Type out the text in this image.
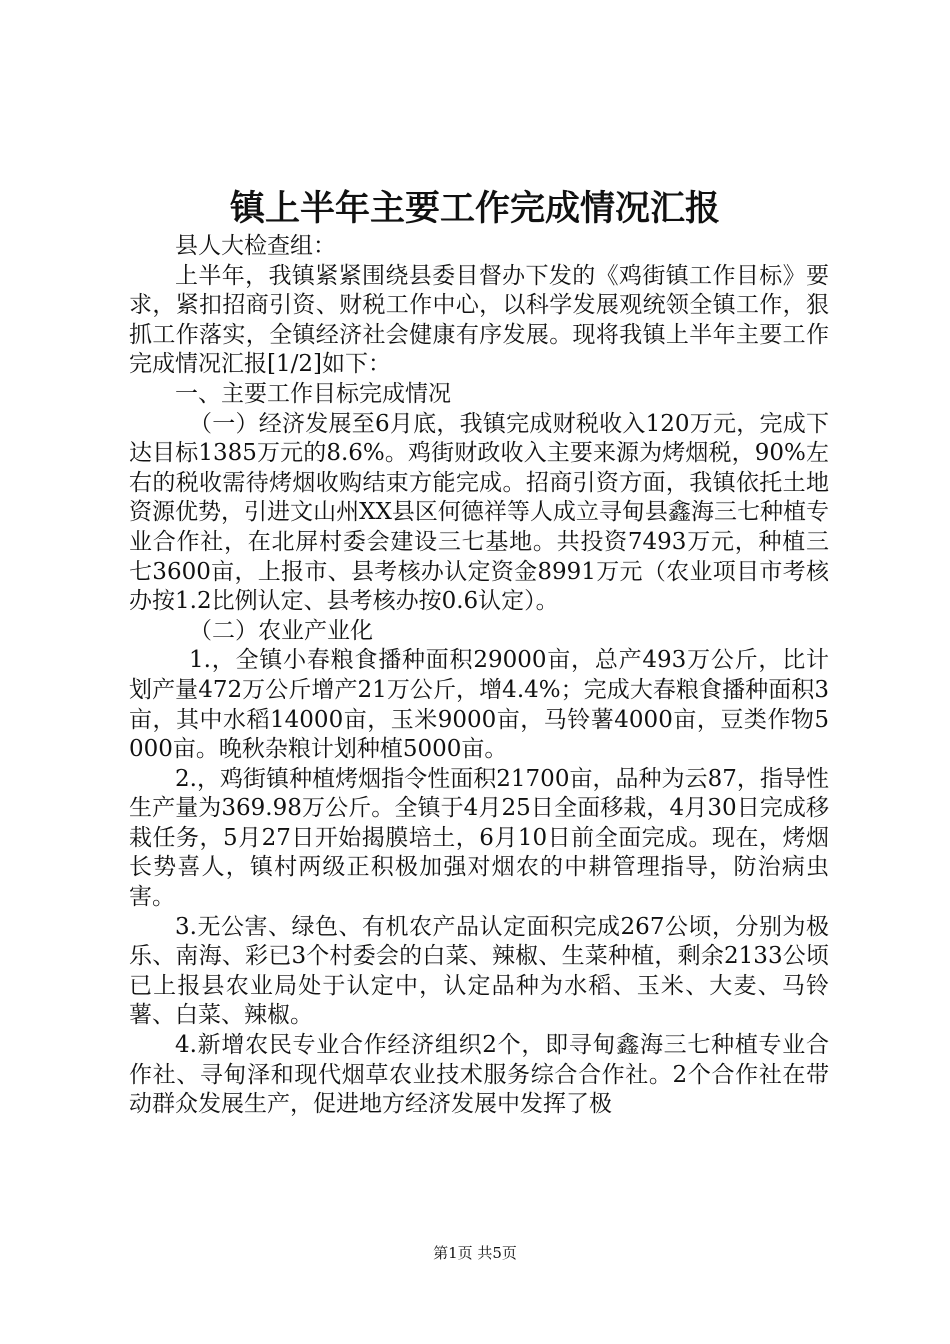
镇上半年主要工作完成情况汇报

县人大检查组：

上半年，我镇紧紧围绕县委目督办下发的《鸡街镇工作目标》要求，紧扣招商引资、财税工作中心，以科学发展观统领全镇工作，狠抓工作落实，全镇经济社会健康有序发展。现将我镇上半年主要工作完成情况汇报[1/2]如下：

一、主要工作目标完成情况

（一）经济发展至6月底，我镇完成财税收入120万元，完成下达目标1385万元的8.6%。鸡街财政收入主要来源为烤烟税，90%左右的税收需待烤烟收购结束方能完成。招商引资方面，我镇依托土地资源优势，引进文山州XX县区何德祥等人成立寻甸县鑫海三七种植专业合作社，在北屏村委会建设三七基地。共投资7493万元，种植三七3600亩，上报市、县考核办认定资金8991万元（农业项目市考核办按1.2比例认定、县考核办按0.6认定）。

（二）农业产业化

1.，全镇小春粮食播种面积29000亩，总产493万公斤，比计划产量472万公斤增产21万公斤，增4.4%；完成大春粮食播种面积3亩，其中水稻14000亩，玉米9000亩，马铃薯4000亩，豆类作物5000亩。晚秋杂粮计划种植5000亩。

2.，鸡街镇种植烤烟指令性面积21700亩，品种为云87，指导性生产量为369.98万公斤。全镇于4月25日全面移栽，4月30日完成移栽任务，5月27日开始揭膜培土，6月10日前全面完成。现在，烤烟长势喜人，镇村两级正积极加强对烟农的中耕管理指导，防治病虫害。

3.无公害、绿色、有机农产品认定面积完成267公顷，分别为极乐、南海、彩已3个村委会的白菜、辣椒、生菜种植，剩余2133公顷已上报县农业局处于认定中，认定品种为水稻、玉米、大麦、马铃薯、白菜、辣椒。

4.新增农民专业合作经济组织2个，即寻甸鑫海三七种植专业合作社、寻甸泽和现代烟草农业技术服务综合合作社。2个合作社在带动群众发展生产，促进地方经济发展中发挥了极

第1页 共5页
